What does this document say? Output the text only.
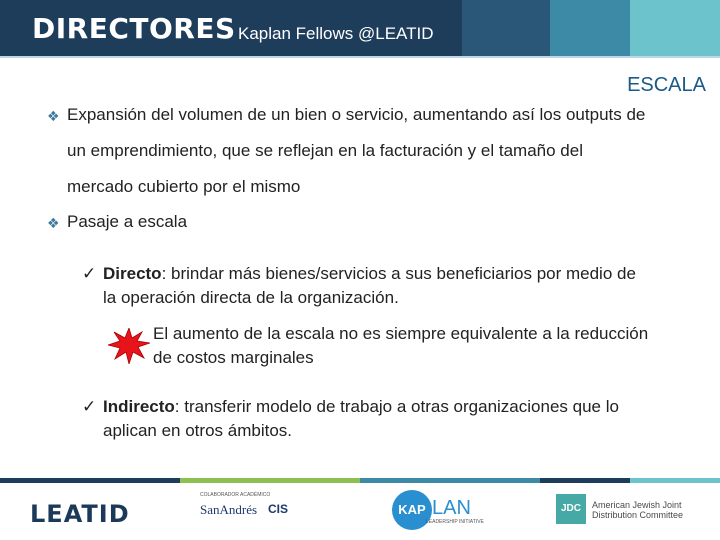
DIRECTORES Kaplan Fellows @LEATID
ESCALA
❖ Expansión del volumen de un bien o servicio, aumentando así los outputs de
un emprendimiento, que se reflejan en la facturación y el tamaño del
mercado cubierto por el mismo
❖ Pasaje a escala
✓ Directo: brindar más bienes/servicios a sus beneficiarios por medio de
la operación directa de la organización.
El aumento de la escala no es siempre equivalente a la reducción
de costos marginales
✓ Indirecto: transferir modelo de trabajo a otras organizaciones que lo
aplican en otros ámbitos.
LEATID
COLABORADOR ACADÉMICO
SanAndrés CIS	KAP LAN
LEADERSHIP INITIATIVE
JDC	American Jewish Joint
Distribution Committee
